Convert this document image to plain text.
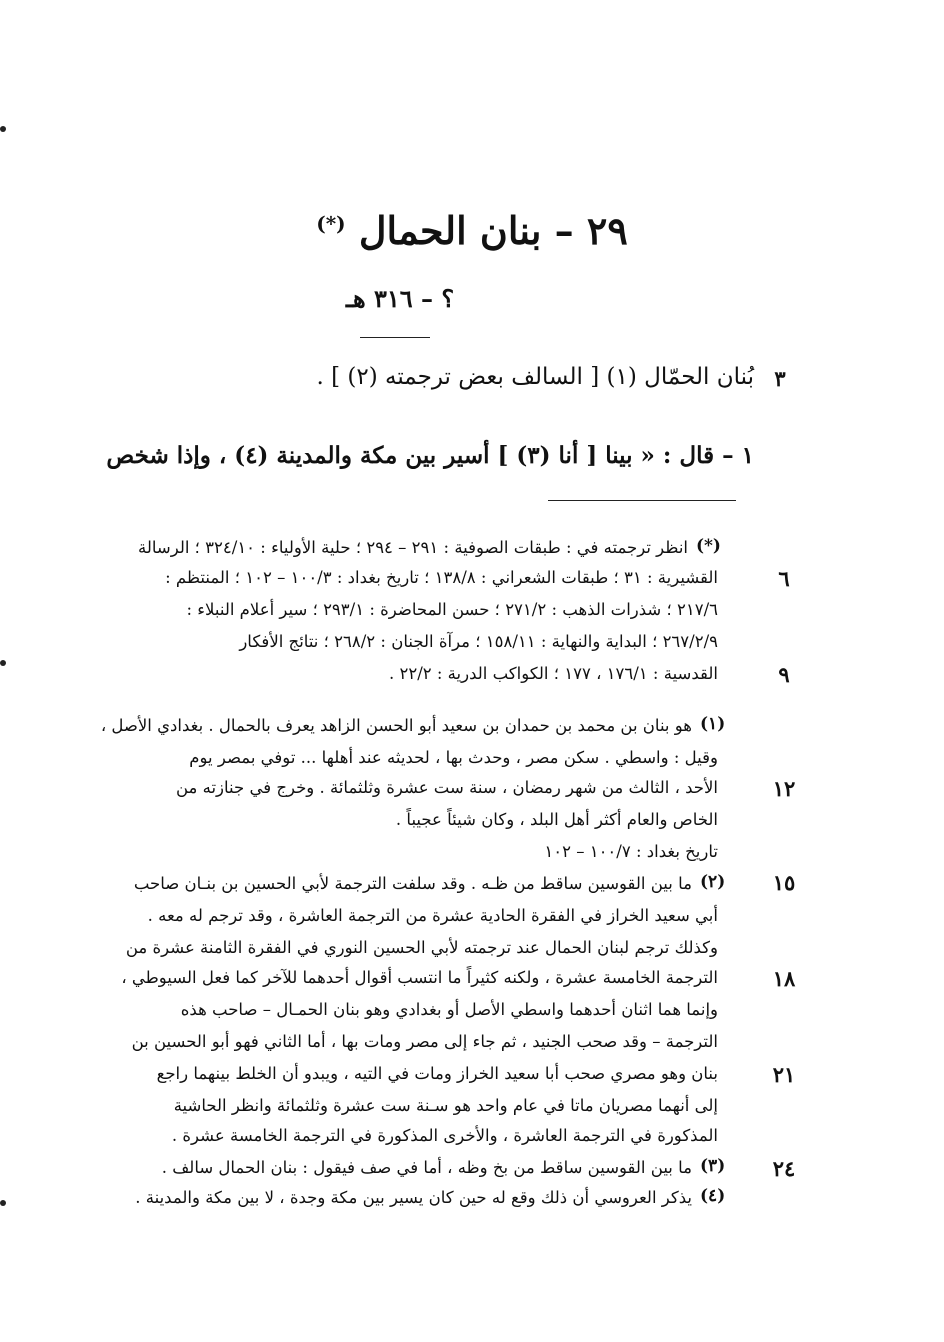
٢٩ – بنان الحمال (*)
؟ – ٣١٦ هـ
٣
بُنان الحمّال (١) [ السالف بعض ترجمته (٢) ] .
١ – قال : « بينا [ أنا (٣) ] أسير بين مكة والمدينة (٤) ، وإذا شخص
(*)
انظر ترجمته في : طبقات الصوفية : ٢٩١ – ٢٩٤ ؛ حلية الأولياء : ٣٢٤/١٠ ؛ الرسالة
٦
القشيرية : ٣١ ؛ طبقات الشعراني : ١٣٨/٨ ؛ تاريخ بغداد : ١٠٠/٣ – ١٠٢ ؛ المنتظم :
٢١٧/٦ ؛ شذرات الذهب : ٢٧١/٢ ؛ حسن المحاضرة : ٢٩٣/١ ؛ سير أعلام النبلاء :
٢٦٧/٢/٩ ؛ البداية والنهاية : ١٥٨/١١ ؛ مرآة الجنان : ٢٦٨/٢ ؛ نتائج الأفكار
٩
القدسية : ١٧٦/١ ، ١٧٧ ؛ الكواكب الدرية : ٢٢/٢ .
(١)
هو بنان بن محمد بن حمدان بن سعيد أبو الحسن الزاهد يعرف بالحمال . بغدادي الأصل ،
وقيل : واسطي . سكن مصر ، وحدث بها ، لحديثه عند أهلها ... توفي بمصر يوم
١٢
الأحد ، الثالث من شهر رمضان ، سنة ست عشرة وثلثمائة . وخرج في جنازته من
الخاص والعام أكثر أهل البلد ، وكان شيئاً عجيباً .
تاريخ بغداد : ١٠٠/٧ – ١٠٢
١٥
(٢)
ما بين القوسين ساقط من ظـه . وقد سلفت الترجمة لأبي الحسين بن بنـان صاحب
أبي سعيد الخراز في الفقرة الحادية عشرة من الترجمة العاشرة ، وقد ترجم له معه .
وكذلك ترجم لبنان الحمال عند ترجمته لأبي الحسين النوري في الفقرة الثامنة عشرة من
١٨
الترجمة الخامسة عشرة ، ولكنه كثيراً ما انتسب أقوال أحدهما للآخر كما فعل السيوطي ،
وإنما هما اثنان أحدهما واسطي الأصل أو بغدادي وهو بنان الحمـال – صاحب هذه
الترجمة – وقد صحب الجنيد ، ثم جاء إلى مصر ومات بها ، أما الثاني فهو أبو الحسين بن
٢١
بنان وهو مصري صحب أبا سعيد الخراز ومات في التيه ، ويبدو أن الخلط بينهما راجع
إلى أنهما مصريان ماتا في عام واحد هو سـنة ست عشرة وثلثمائة وانظر الحاشية
المذكورة في الترجمة العاشرة ، والأخرى المذكورة في الترجمة الخامسة عشرة .
٢٤
(٣)
ما بين القوسين ساقط من بخ وظه ، أما في صف فيقول : بنان الحمال سالف .
(٤)
يذكر العروسي أن ذلك وقع له حين كان يسير بين مكة وجدة ، لا بين مكة والمدينة .
